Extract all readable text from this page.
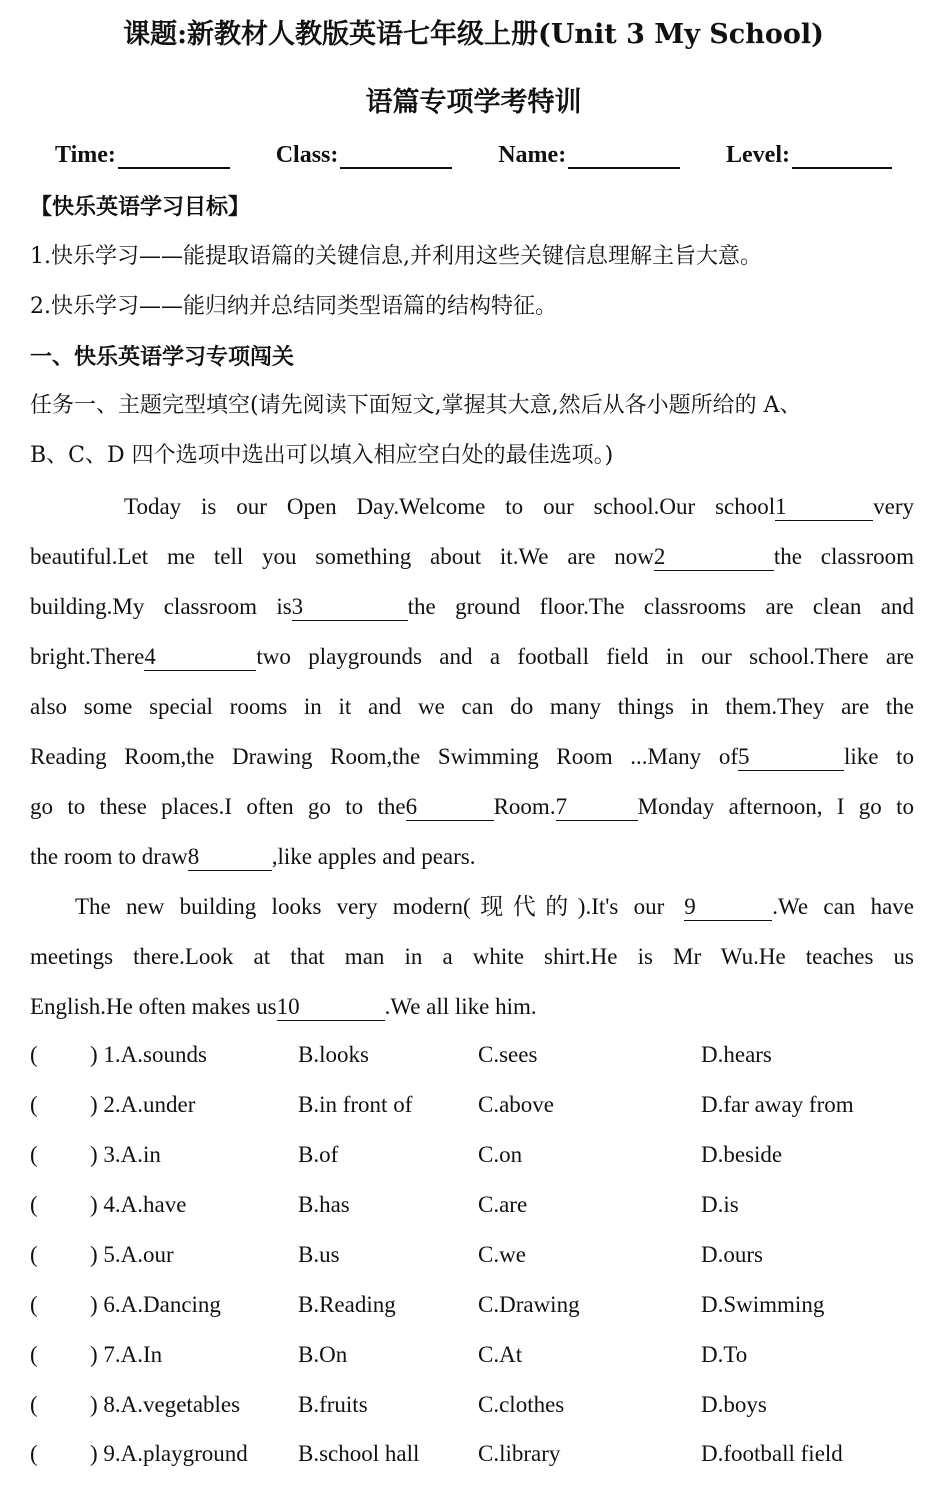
课题:新教材人教版英语七年级上册(Unit 3 My School)
语篇专项学考特训
Time:	Class:	Name:	Level:
【快乐英语学习目标】
1.快乐学习——能提取语篇的关键信息,并利用这些关键信息理解主旨大意。
2.快乐学习——能归纳并总结同类型语篇的结构特征。
一、快乐英语学习专项闯关
任务一、主题完型填空(请先阅读下面短文,掌握其大意,然后从各小题所给的 A、
B、C、D 四个选项中选出可以填入相应空白处的最佳选项。)
Today is our Open Day.Welcome to our school.Our school1	very
beautiful.Let me tell you something about it.We are now2	the classroom
building.My classroom is3	the ground floor.The classrooms are clean and
bright.There4	two playgrounds and a football field in our school.There are
also some special rooms in it and we can do many things in them.They are the
Reading Room,the Drawing Room,the Swimming Room ...Many of5	like to
go to these places.I often go to the6	Room.7	Monday afternoon, I go to
the room to draw8	,like apples and pears.
The new building looks very modern(现代的).It's our 9	.We can have
meetings there.Look at that man in a white shirt.He is Mr Wu.He teaches us
English.He often makes us10	.We all like him.
( ) 1.A.sounds	B.looks	C.sees	D.hears
( ) 2.A.under	B.in front of	C.above	D.far away from
( ) 3.A.in	B.of	C.on	D.beside
( ) 4.A.have	B.has	C.are	D.is
( ) 5.A.our	B.us	C.we	D.ours
( ) 6.A.Dancing	B.Reading	C.Drawing	D.Swimming
( ) 7.A.In	B.On	C.At	D.To
( ) 8.A.vegetables	B.fruits	C.clothes	D.boys
( ) 9.A.playground B.school hall	C.library	D.football field
